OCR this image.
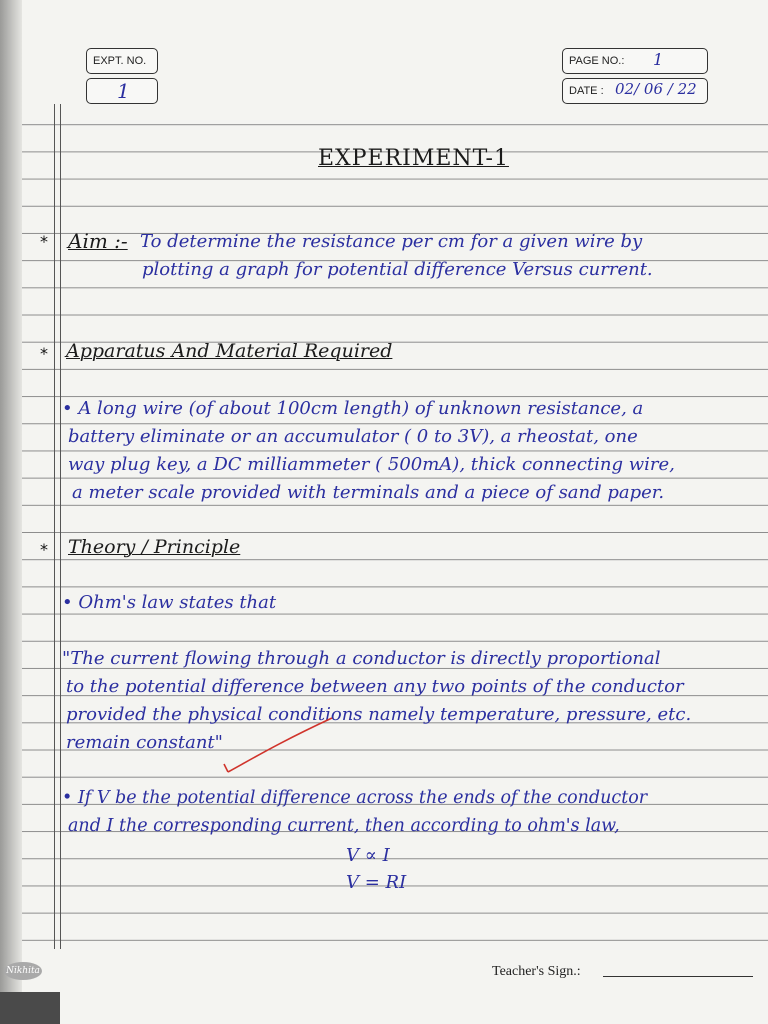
Nikhita
EXPT. NO.
1
PAGE NO.: 1
DATE : 02/ 06 / 22
EXPERIMENT-1
* Aim :- To determine the resistance per cm for a given wire by
plotting a graph for potential difference Versus current.
* Apparatus And Material Required
• A long wire (of about 100cm length) of unknown resistance, a
battery eliminate or an accumulator ( 0 to 3V), a rheostat, one
way plug key, a DC milliammeter ( 500mA), thick connecting wire,
a meter scale provided with terminals and a piece of sand paper.
* Theory / Principle
• Ohm's law states that
"The current flowing through a conductor is directly proportional
to the potential difference between any two points of the conductor
provided the physical conditions namely temperature, pressure, etc.
remain constant"
• If V be the potential difference across the ends of the conductor
and I the corresponding current, then according to ohm's law,
V ∝ I
V = RI
Teacher's Sign.:
